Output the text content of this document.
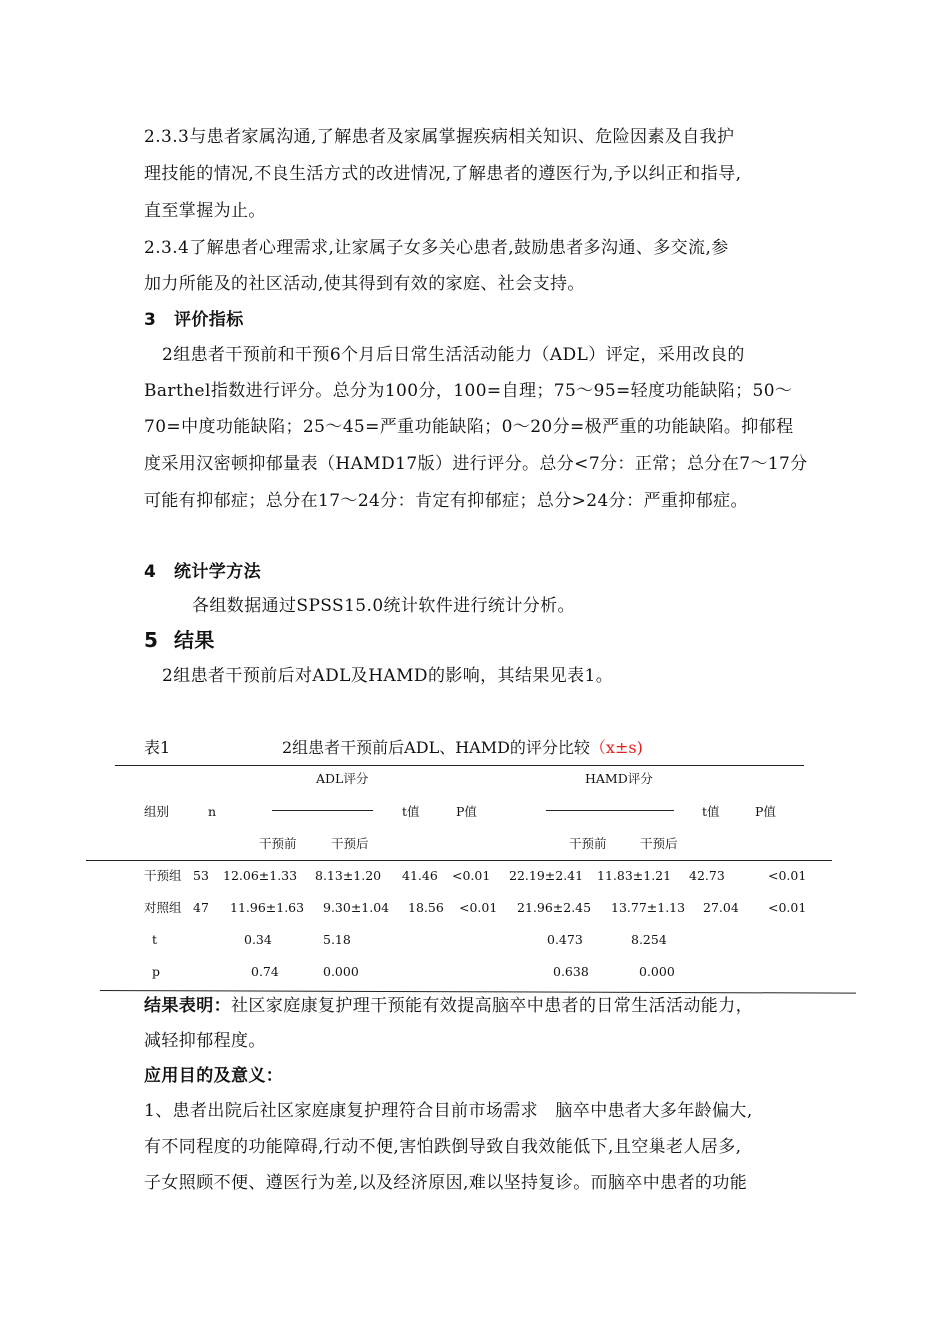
2.3.3与患者家属沟通,了解患者及家属掌握疾病相关知识、危险因素及自我护
理技能的情况,不良生活方式的改进情况,了解患者的遵医行为,予以纠正和指导,
直至掌握为止。
2.3.4了解患者心理需求,让家属子女多关心患者,鼓励患者多沟通、多交流,参
加力所能及的社区活动,使其得到有效的家庭、社会支持。
3 评价指标
2组患者干预前和干预6个月后日常生活活动能力（ADL）评定，采用改良的
Barthel指数进行评分。总分为100分，100=自理；75～95=轻度功能缺陷；50～
70=中度功能缺陷；25～45=严重功能缺陷；0～20分=极严重的功能缺陷。抑郁程
度采用汉密顿抑郁量表（HAMD17版）进行评分。总分<7分：正常；总分在7～17分
可能有抑郁症；总分在17～24分：肯定有抑郁症；总分>24分：严重抑郁症。
4 统计学方法
各组数据通过SPSS15.0统计软件进行统计分析。
5 结果
2组患者干预前后对ADL及HAMD的影响，其结果见表1。
表1	2组患者干预前后ADL、HAMD的评分比较（x±s)
ADL评分	HAMD评分
组别	n	t值	P值	t值	P值
干预前	干预后	干预前	干预后
干预组 53 12.06±1.33 8.13±1.20 41.46 <0.01 22.19±2.41 11.83±1.21 42.73	<0.01
对照组 47 11.96±1.63 9.30±1.04 18.56 <0.01 21.96±2.45 13.77±1.13 27.04 <0.01
t	0.34	5.18	0.473	8.254
p	0.74	0.000	0.638	0.000
结果表明：社区家庭康复护理干预能有效提高脑卒中患者的日常生活活动能力，
减轻抑郁程度。
应用目的及意义：
1、患者出院后社区家庭康复护理符合目前市场需求　脑卒中患者大多年龄偏大,
有不同程度的功能障碍,行动不便,害怕跌倒导致自我效能低下,且空巢老人居多,
子女照顾不便、遵医行为差,以及经济原因,难以坚持复诊。而脑卒中患者的功能
